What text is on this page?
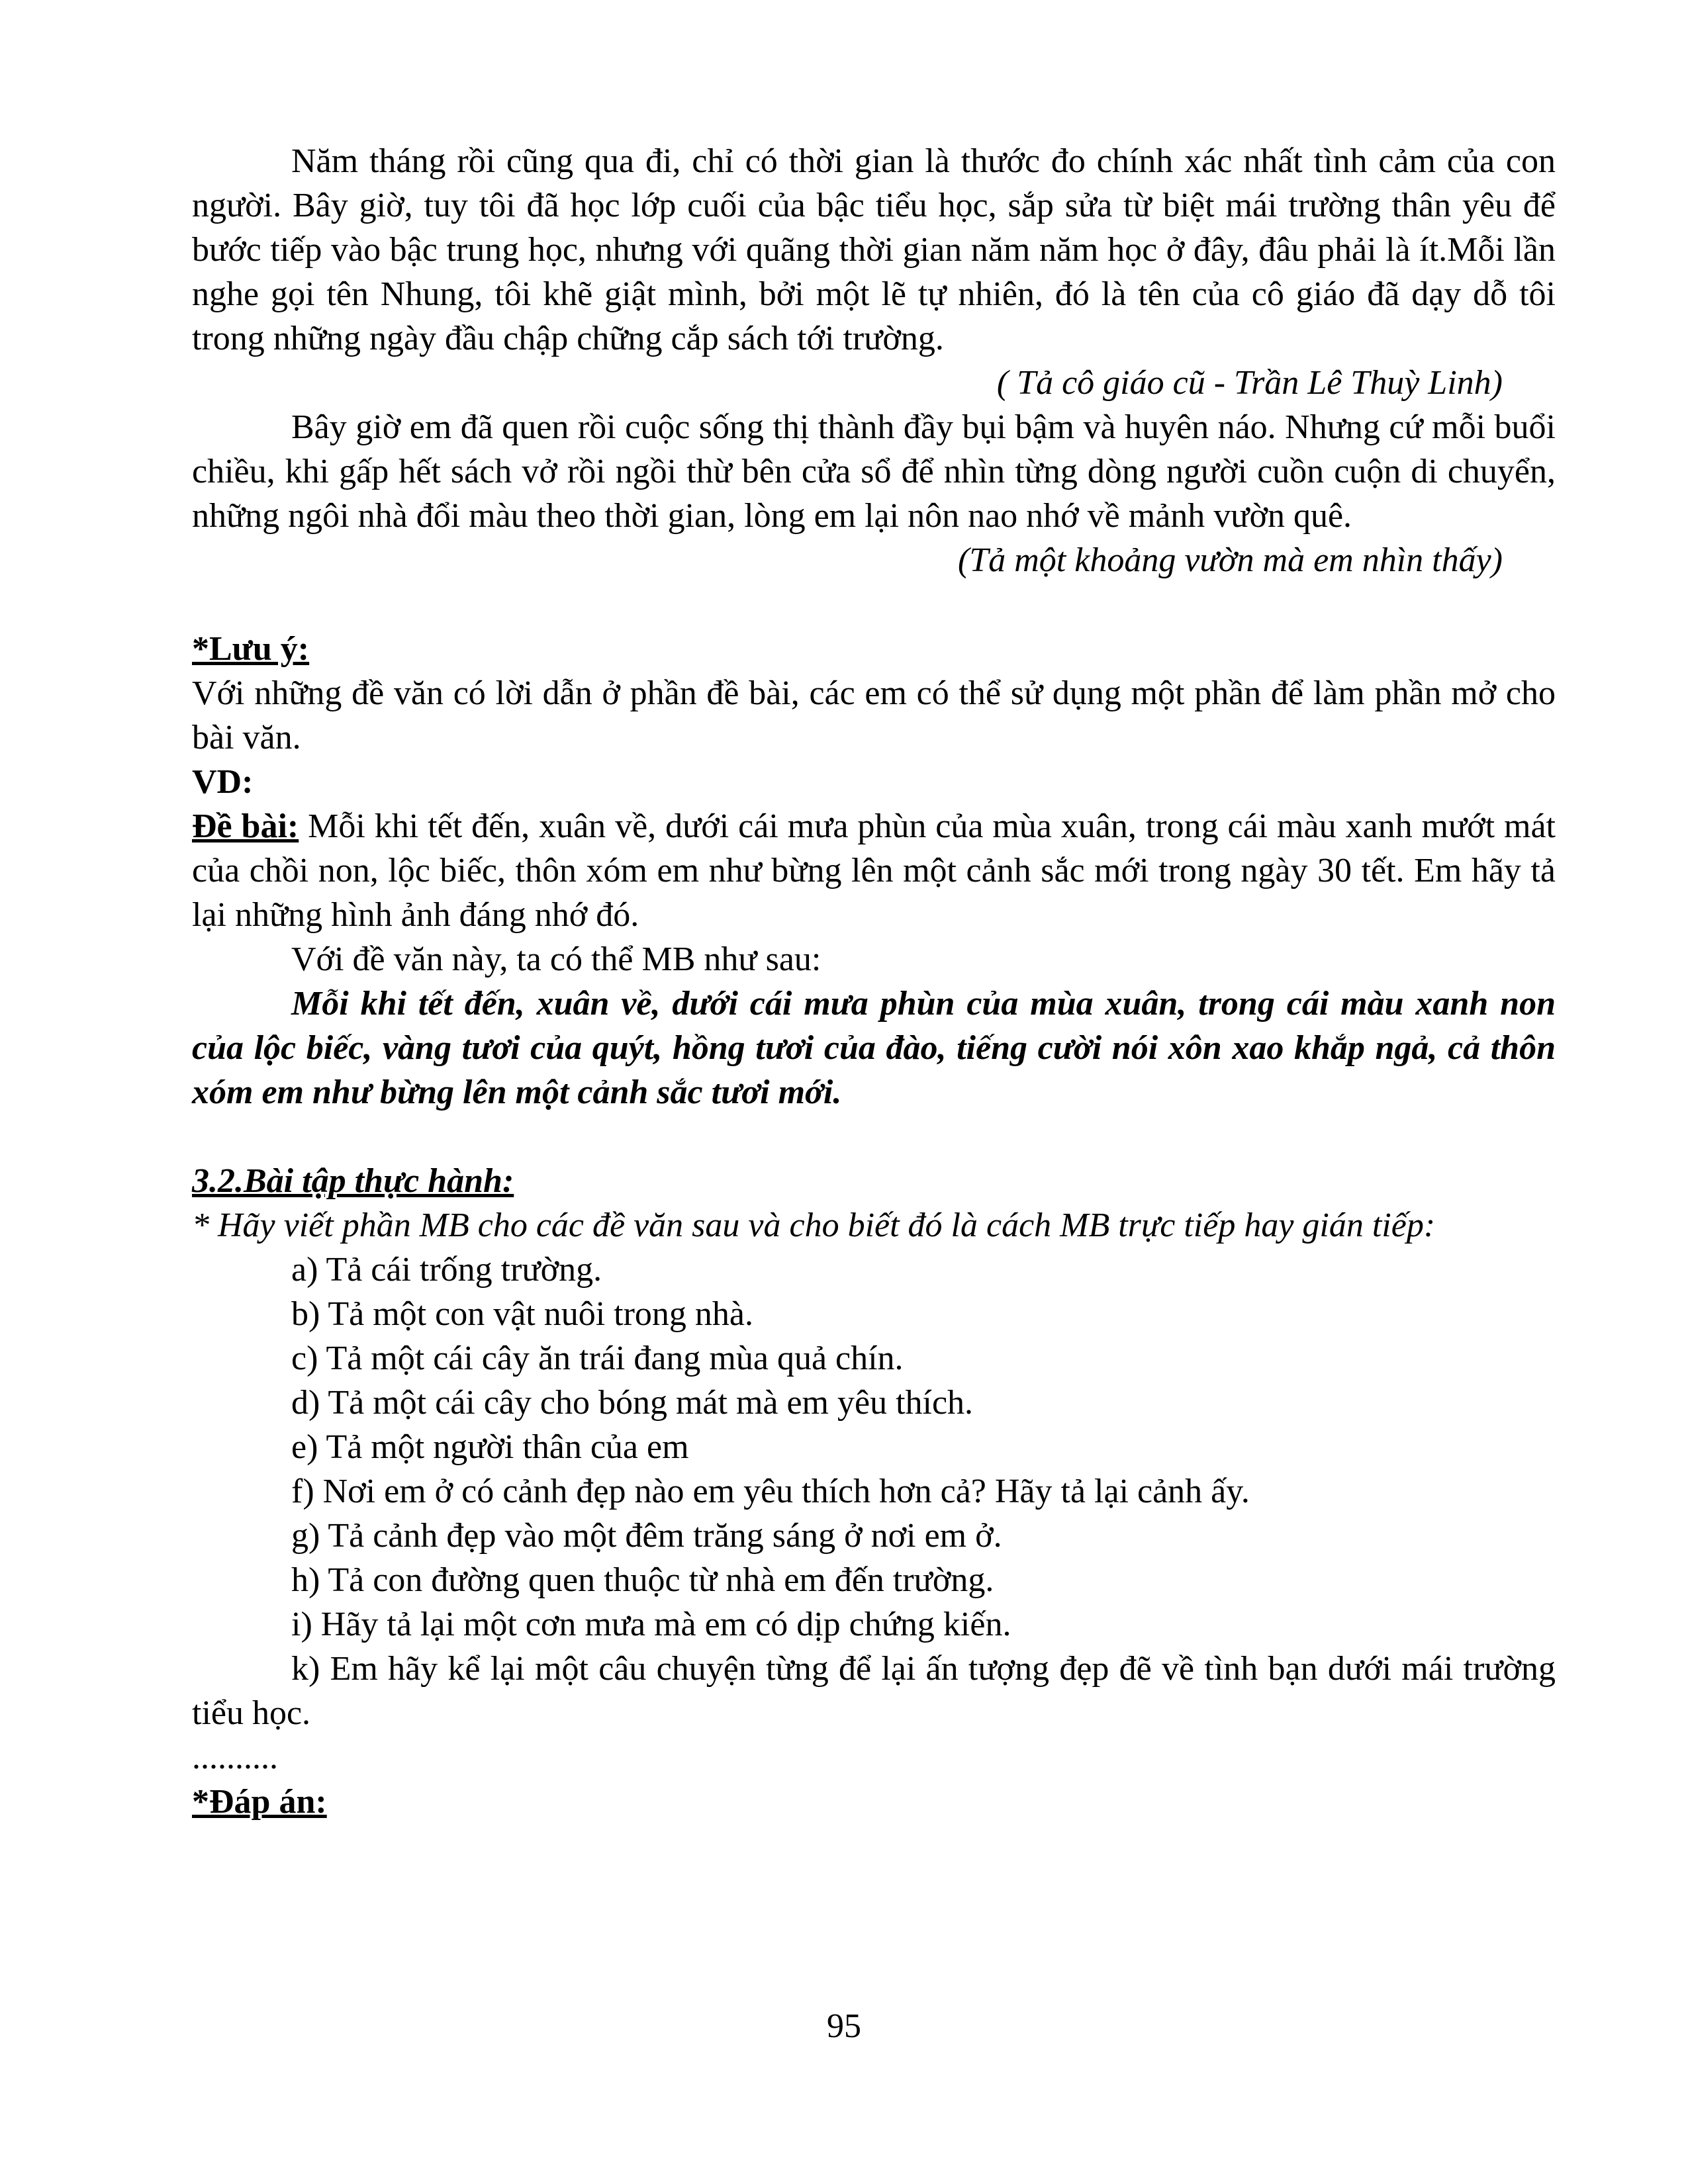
Năm tháng rồi cũng qua đi, chỉ có thời gian là thước đo chính xác nhất tình cảm của con người. Bây giờ, tuy tôi đã học lớp cuối của bậc tiểu học, sắp sửa từ biệt mái trường thân yêu để bước tiếp vào bậc trung học, nhưng với quãng thời gian năm năm học ở đây, đâu phải là ít.Mỗi lần nghe gọi tên Nhung, tôi khẽ giật mình, bởi một lẽ tự nhiên, đó là tên của cô giáo đã dạy dỗ tôi trong những ngày đầu chập chững cắp sách tới trường.

( Tả cô giáo cũ - Trần Lê Thuỳ Linh)

Bây giờ em đã quen rồi cuộc sống thị thành đầy bụi bậm và huyên náo. Nhưng cứ mỗi buổi chiều, khi gấp hết sách vở rồi ngồi thừ bên cửa sổ để nhìn từng dòng người cuồn cuộn di chuyển, những ngôi nhà đổi màu theo thời gian, lòng em lại nôn nao nhớ về mảnh vườn quê.

(Tả một khoảng vườn mà em nhìn thấy)

*Lưu ý:

Với những đề văn có lời dẫn ở phần đề bài, các em có thể sử dụng một phần để làm phần mở cho bài văn.

VD:

Đề bài: Mỗi khi tết đến, xuân về, dưới cái mưa phùn của mùa xuân, trong cái màu xanh mướt mát của chồi non, lộc biếc, thôn xóm em như bừng lên một cảnh sắc mới trong ngày 30 tết. Em hãy tả lại những hình ảnh đáng nhớ đó.

Với đề văn này, ta có thể MB như sau:

Mỗi khi tết đến, xuân về, dưới cái mưa phùn của mùa xuân, trong cái màu xanh non của lộc biếc, vàng tươi của quýt, hồng tươi của đào, tiếng cười nói xôn xao khắp ngả, cả thôn xóm em như bừng lên một cảnh sắc tươi mới.

3.2.Bài tập thực hành:

* Hãy viết phần MB cho các đề văn sau và cho biết đó là cách MB trực tiếp hay gián tiếp:

a) Tả cái trống trường.

b) Tả một con vật nuôi trong nhà.

c) Tả một cái cây ăn trái đang mùa quả chín.

d) Tả một cái cây cho bóng mát mà em yêu thích.

e) Tả một người thân của em

f) Nơi em ở có cảnh đẹp nào em yêu thích hơn cả? Hãy tả lại cảnh ấy.

g) Tả cảnh đẹp vào một đêm trăng sáng ở nơi em ở.

h) Tả con đường quen thuộc từ nhà em đến trường.

i) Hãy tả lại một cơn mưa mà em có dịp chứng kiến.

k) Em hãy kể lại một câu chuyện từng để lại ấn tượng đẹp đẽ về tình bạn dưới mái trường tiểu học.

..........

*Đáp án:

95
